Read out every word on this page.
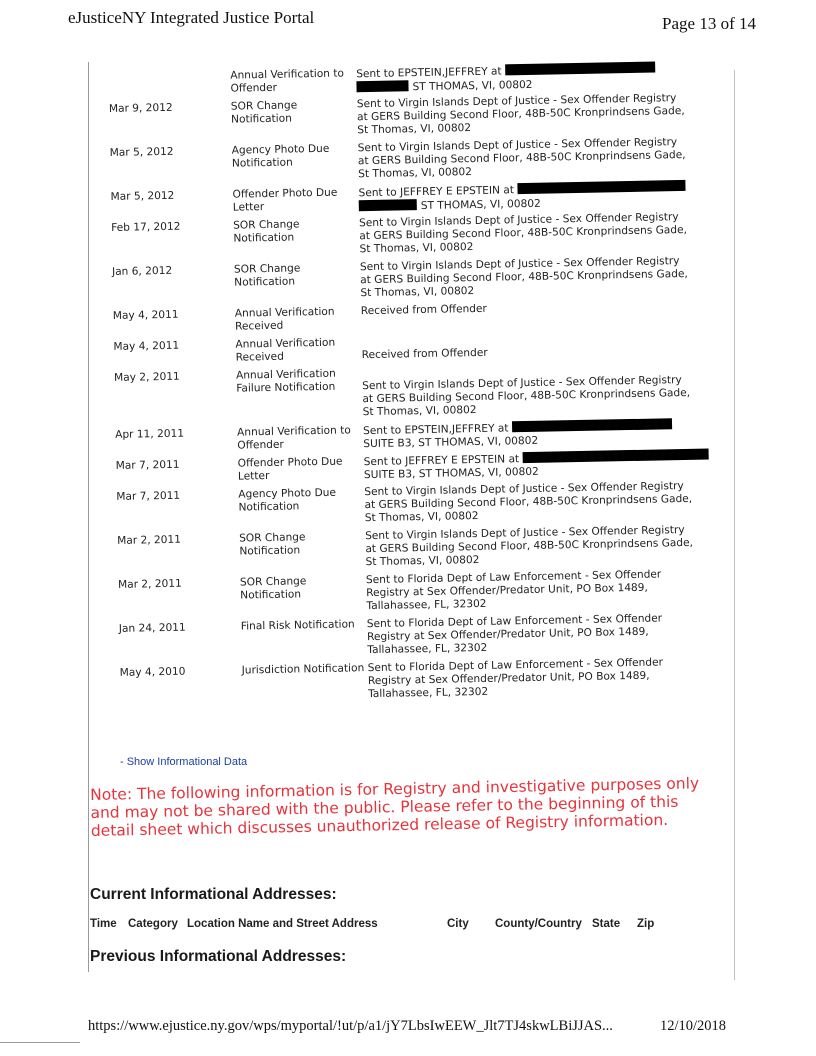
eJusticeNY Integrated Justice Portal	Page 13 of 14
Annual Verification to Offender
Sent to EPSTEIN,JEFFREY at
ST THOMAS, VI, 00802
Mar 9, 2012	SOR Change Notification
Sent to Virgin Islands Dept of Justice - Sex Offender Registry
at GERS Building Second Floor, 48B-50C Kronprindsens Gade,
St Thomas, VI, 00802
Mar 5, 2012	Agency Photo Due Notification
Sent to Virgin Islands Dept of Justice - Sex Offender Registry
at GERS Building Second Floor, 48B-50C Kronprindsens Gade,
St Thomas, VI, 00802
Mar 5, 2012	Offender Photo Due Letter
Sent to JEFFREY E EPSTEIN at
ST THOMAS, VI, 00802
Feb 17, 2012	SOR Change Notification
Sent to Virgin Islands Dept of Justice - Sex Offender Registry
at GERS Building Second Floor, 48B-50C Kronprindsens Gade,
St Thomas, VI, 00802
Jan 6, 2012	SOR Change Notification
Sent to Virgin Islands Dept of Justice - Sex Offender Registry
at GERS Building Second Floor, 48B-50C Kronprindsens Gade,
St Thomas, VI, 00802
May 4, 2011	Annual Verification Received
Received from Offender
May 4, 2011	Annual Verification Received	Received from Offender
May 2, 2011	Annual Verification Failure Notification	Sent to Virgin Islands Dept of Justice - Sex Offender Registry
at GERS Building Second Floor, 48B-50C Kronprindsens Gade,
St Thomas, VI, 00802
Apr 11, 2011	Annual Verification to Offender
Sent to EPSTEIN,JEFFREY at
SUITE B3, ST THOMAS, VI, 00802
Mar 7, 2011	Offender Photo Due Letter
Sent to JEFFREY E EPSTEIN at
SUITE B3, ST THOMAS, VI, 00802
Mar 7, 2011	Agency Photo Due Notification
Sent to Virgin Islands Dept of Justice - Sex Offender Registry
at GERS Building Second Floor, 48B-50C Kronprindsens Gade,
St Thomas, VI, 00802
Mar 2, 2011	SOR Change Notification
Sent to Virgin Islands Dept of Justice - Sex Offender Registry
at GERS Building Second Floor, 48B-50C Kronprindsens Gade,
St Thomas, VI, 00802
Mar 2, 2011	SOR Change Notification
Sent to Florida Dept of Law Enforcement - Sex Offender
Registry at Sex Offender/Predator Unit, PO Box 1489,
Tallahassee, FL, 32302
Jan 24, 2011	Final Risk Notification	Sent to Florida Dept of Law Enforcement - Sex Offender
Registry at Sex Offender/Predator Unit, PO Box 1489,
Tallahassee, FL, 32302
May 4, 2010	Jurisdiction Notification Sent to Florida Dept of Law Enforcement - Sex Offender
Registry at Sex Offender/Predator Unit, PO Box 1489,
Tallahassee, FL, 32302
- Show Informational Data
Note: The following information is for Registry and investigative purposes only and may not be shared with the public. Please refer to the beginning of this detail sheet which discusses unauthorized release of Registry information.
Current Informational Addresses:
Time Category Location Name and Street Address	City County/Country State Zip
Previous Informational Addresses:
https://www.ejustice.ny.gov/wps/myportal/!ut/p/a1/jY7LbsIwEEW_Jlt7TJ4skwLBiJJAS...	12/10/2018
